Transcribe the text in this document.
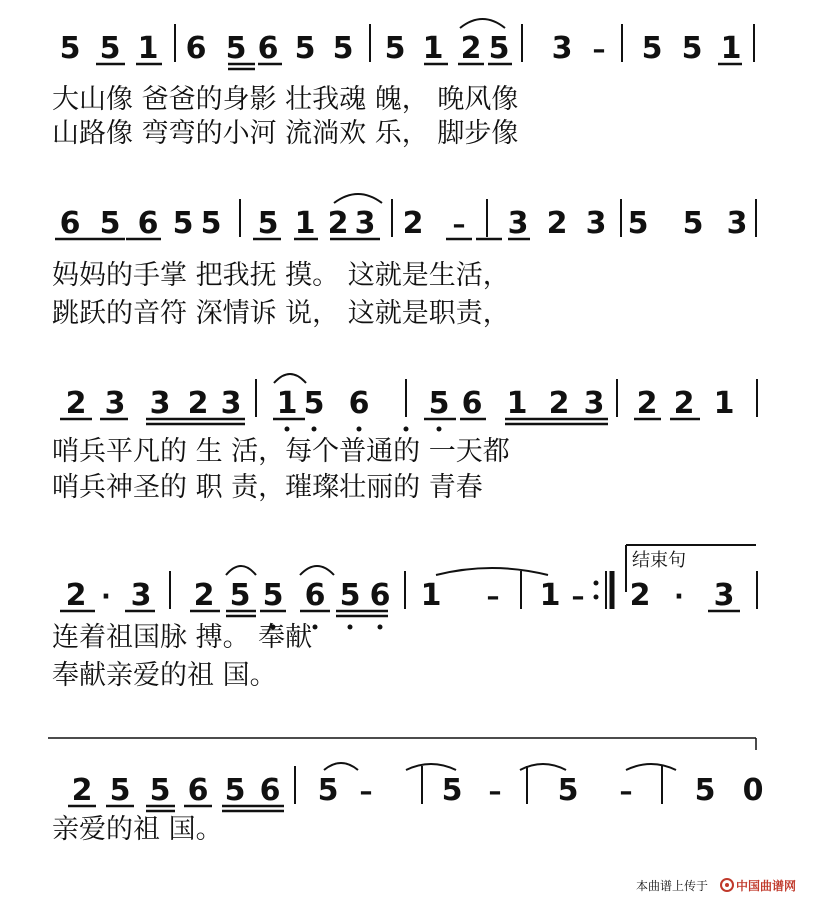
5 5 1 6 5 6 5 5 5 1 2 5 3 – 5 5 1
6 5 6 5 5 5 1 2 3 2 – 3 2 3 5 5 3
2 3 3 2 3 1 5 6 5 6 1 2 3 2 2 1
2 · 3 2 5 5 6 5 6 1 – 1 – 2 · 3
2 5 5 6 5 6 5 – 5 – 5 – 5 0
大山像 爸爸的身影 壮我魂 魄， 晚风像
山路像 弯弯的小河 流淌欢 乐， 脚步像
妈妈的手掌 把我抚 摸。 这就是生活，
跳跃的音符 深情诉 说， 这就是职责，
哨兵平凡的 生 活，每个普通的 一天都
哨兵神圣的 职 责，璀璨壮丽的 青春
连着祖国脉 搏。 奉献
奉献亲爱的祖 国。
亲爱的祖 国。
结束句
本曲谱上传于 中国曲谱网
